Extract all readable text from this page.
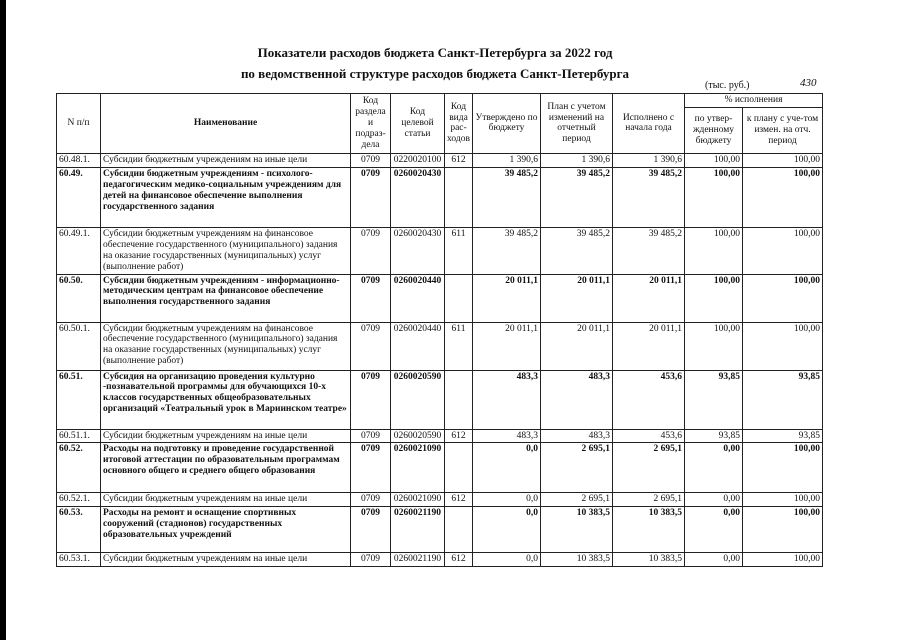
Показатели расходов бюджета Санкт-Петербурга за 2022 год
по ведомственной структуре расходов бюджета Санкт-Петербурга
(тыс. руб.)	430
N п/п	Наименование	Код раздела и подраз-дела	Код целевой статьи	Код вида рас-ходов	Утверждено по бюджету	План с учетом изменений на отчетный период	Исполнено с начала года	% исполнения	
								по утвер-жденному бюджету	к плану с уче-том измен. на отч. период
60.48.1.	Субсидии бюджетным учреждениям на иные цели	0709	0220020100	612	1 390,6	1 390,6	1 390,6	100,00	100,00
60.49.	Субсидии бюджетным учреждениям - психолого-педагогическим медико-социальным учреждениям для детей на финансовое обеспечение выполнения государственного задания	0709	0260020430		39 485,2	39 485,2	39 485,2	100,00	100,00
60.49.1.	Субсидии бюджетным учреждениям на финансовое обеспечение государственного (муниципального) задания на оказание государственных (муниципальных) услуг (выполнение работ)	0709	0260020430	611	39 485,2	39 485,2	39 485,2	100,00	100,00
60.50.	Субсидии бюджетным учреждениям - информационно-методическим центрам на финансовое обеспечение выполнения государственного задания	0709	0260020440		20 011,1	20 011,1	20 011,1	100,00	100,00
60.50.1.	Субсидии бюджетным учреждениям на финансовое обеспечение государственного (муниципального) задания на оказание государственных (муниципальных) услуг (выполнение работ)	0709	0260020440	611	20 011,1	20 011,1	20 011,1	100,00	100,00
60.51.	Субсидия на организацию проведения культурно -познавательной программы для обучающихся 10-х классов государственных общеобразовательных организаций «Театральный урок в Мариинском театре»	0709	0260020590		483,3	483,3	453,6	93,85	93,85
60.51.1.	Субсидии бюджетным учреждениям на иные цели	0709	0260020590	612	483,3	483,3	453,6	93,85	93,85
60.52.	Расходы на подготовку и проведение государственной итоговой аттестации по образовательным программам основного общего и среднего общего образования	0709	0260021090		0,0	2 695,1	2 695,1	0,00	100,00
60.52.1.	Субсидии бюджетным учреждениям на иные цели	0709	0260021090	612	0,0	2 695,1	2 695,1	0,00	100,00
60.53.	Расходы на ремонт и оснащение спортивных сооружений (стадионов) государственных образовательных учреждений	0709	0260021190		0,0	10 383,5	10 383,5	0,00	100,00
60.53.1.	Субсидии бюджетным учреждениям на иные цели	0709	0260021190	612	0,0	10 383,5	10 383,5	0,00	100,00
